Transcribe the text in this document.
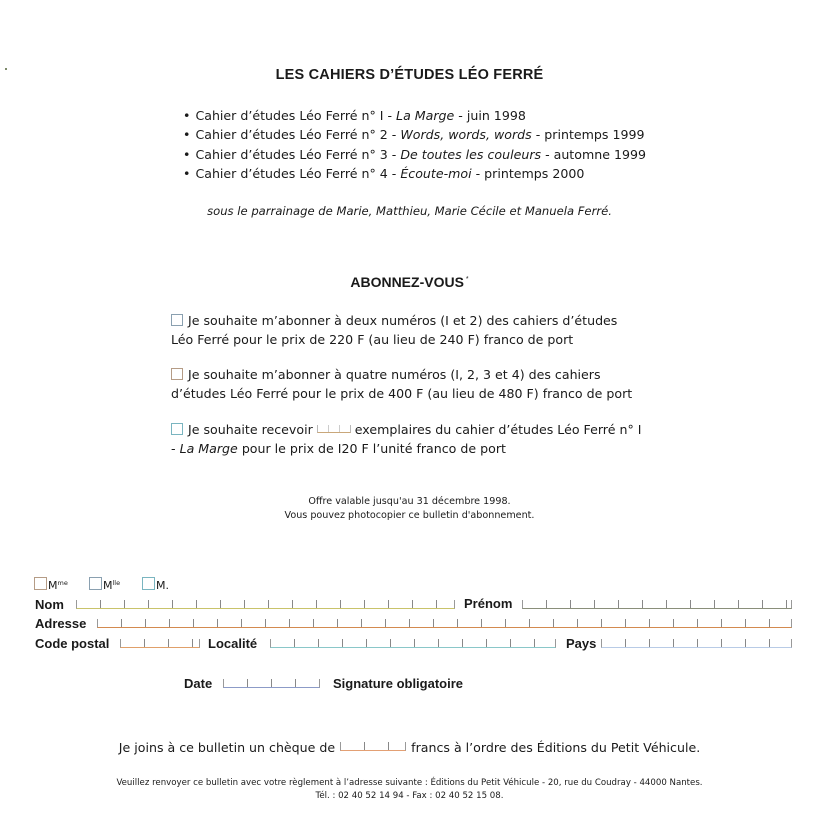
LES CAHIERS D’ÉTUDES LÉO FERRÉ
• Cahier d’études Léo Ferré n° I - La Marge - juin 1998
• Cahier d’études Léo Ferré n° 2 - Words, words, words - printemps 1999
• Cahier d’études Léo Ferré n° 3 - De toutes les couleurs - automne 1999
• Cahier d’études Léo Ferré n° 4 - Écoute-moi - printemps 2000
sous le parrainage de Marie, Matthieu, Marie Cécile et Manuela Ferré.
ABONNEZ-VOUS *
Je souhaite m’abonner à deux numéros (I et 2) des cahiers d’études
Léo Ferré pour le prix de 220 F (au lieu de 240 F) franco de port
Je souhaite m’abonner à quatre numéros (I, 2, 3 et 4) des cahiers
d’études Léo Ferré pour le prix de 400 F (au lieu de 480 F) franco de port
Je souhaite recevoir	exemplaires du cahier d’études Léo Ferré n° I
- La Marge pour le prix de I20 F l’unité franco de port
Offre valable jusqu'au 31 décembre 1998.
Vous pouvez photocopier ce bulletin d'abonnement.
$M^{me}$	$M^{lle}$	M.
Nom	Prénom
Adresse
Code postal	Localité	Pays
Date	Signature obligatoire
Je joins à ce bulletin un chèque de	francs à l’ordre des Éditions du Petit Véhicule.
Veuillez renvoyer ce bulletin avec votre règlement à l’adresse suivante : Éditions du Petit Véhicule - 20, rue du Coudray - 44000 Nantes.
Tél. : 02 40 52 14 94 - Fax : 02 40 52 15 08.
